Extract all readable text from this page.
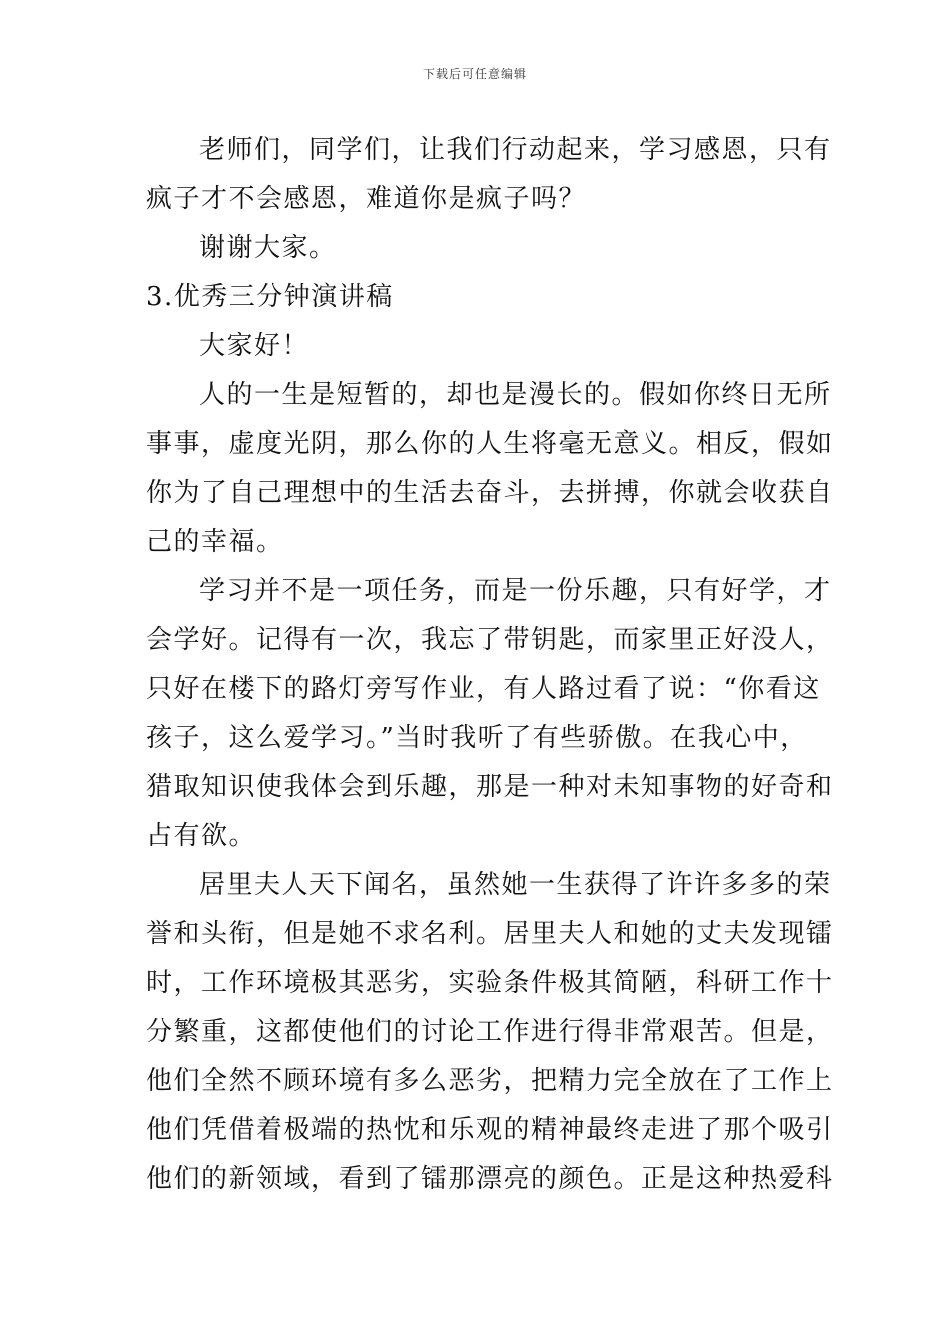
下载后可任意编辑
老师们，同学们，让我们行动起来，学习感恩，只有
疯子才不会感恩，难道你是疯子吗？
谢谢大家。
3.优秀三分钟演讲稿
大家好！
人的一生是短暂的，却也是漫长的。假如你终日无所
事事，虚度光阴，那么你的人生将毫无意义。相反，假如
你为了自己理想中的生活去奋斗，去拼搏，你就会收获自
己的幸福。
学习并不是一项任务，而是一份乐趣，只有好学，才
会学好。记得有一次，我忘了带钥匙，而家里正好没人，
只好在楼下的路灯旁写作业，有人路过看了说：“你看这
孩子，这么爱学习。”当时我听了有些骄傲。在我心中，
猎取知识使我体会到乐趣，那是一种对未知事物的好奇和
占有欲。
居里夫人天下闻名，虽然她一生获得了许许多多的荣
誉和头衔，但是她不求名利。居里夫人和她的丈夫发现镭
时，工作环境极其恶劣，实验条件极其简陋，科研工作十
分繁重，这都使他们的讨论工作进行得非常艰苦。但是，
他们全然不顾环境有多么恶劣，把精力完全放在了工作上
他们凭借着极端的热忱和乐观的精神最终走进了那个吸引
他们的新领域，看到了镭那漂亮的颜色。正是这种热爱科
